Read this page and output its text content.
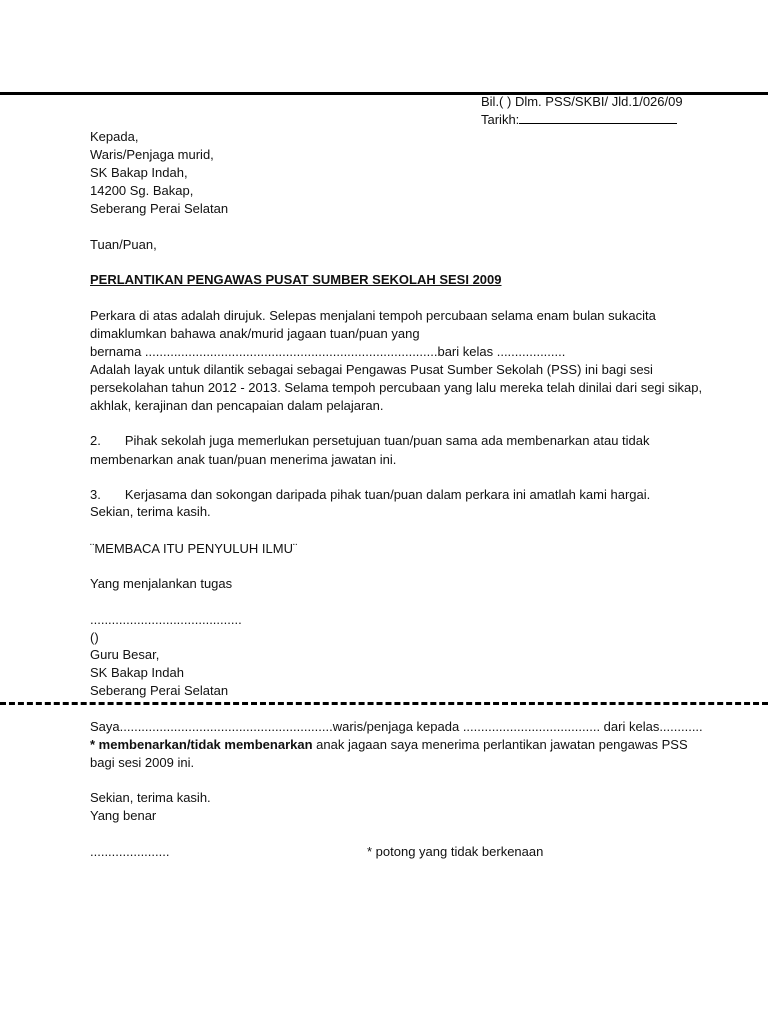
Bil.( ) Dlm. PSS/SKBI/ Jld.1/026/09
Tarikh:
Kepada,
Waris/Penjaga murid,
SK Bakap Indah,
14200 Sg. Bakap,
Seberang Perai Selatan
Tuan/Puan,
PERLANTIKAN PENGAWAS PUSAT SUMBER SEKOLAH SESI 2009
Perkara di atas adalah dirujuk. Selepas menjalani tempoh percubaan selama enam bulan sukacita
dimaklumkan bahawa anak/murid jagaan tuan/puan yang
bernama .................................................................................bari kelas ...................
Adalah layak untuk dilantik sebagai sebagai Pengawas Pusat Sumber Sekolah (PSS) ini bagi sesi
persekolahan tahun 2012 - 2013. Selama tempoh percubaan yang lalu mereka telah dinilai dari segi sikap,
akhlak, kerajinan dan pencapaian dalam pelajaran.
2. Pihak sekolah juga memerlukan persetujuan tuan/puan sama ada membenarkan atau tidak
membenarkan anak tuan/puan menerima jawatan ini.
3. Kerjasama dan sokongan daripada pihak tuan/puan dalam perkara ini amatlah kami hargai.
Sekian, terima kasih.
¨MEMBACA ITU PENYULUH ILMU¨
Yang menjalankan tugas
..........................................
()
Guru Besar,
SK Bakap Indah
Seberang Perai Selatan
Saya...........................................................waris/penjaga kepada ...................................... dari kelas............
* membenarkan/tidak membenarkan anak jagaan saya menerima perlantikan jawatan pengawas PSS
bagi sesi 2009 ini.
Sekian, terima kasih.
Yang benar
......................	* potong yang tidak berkenaan
